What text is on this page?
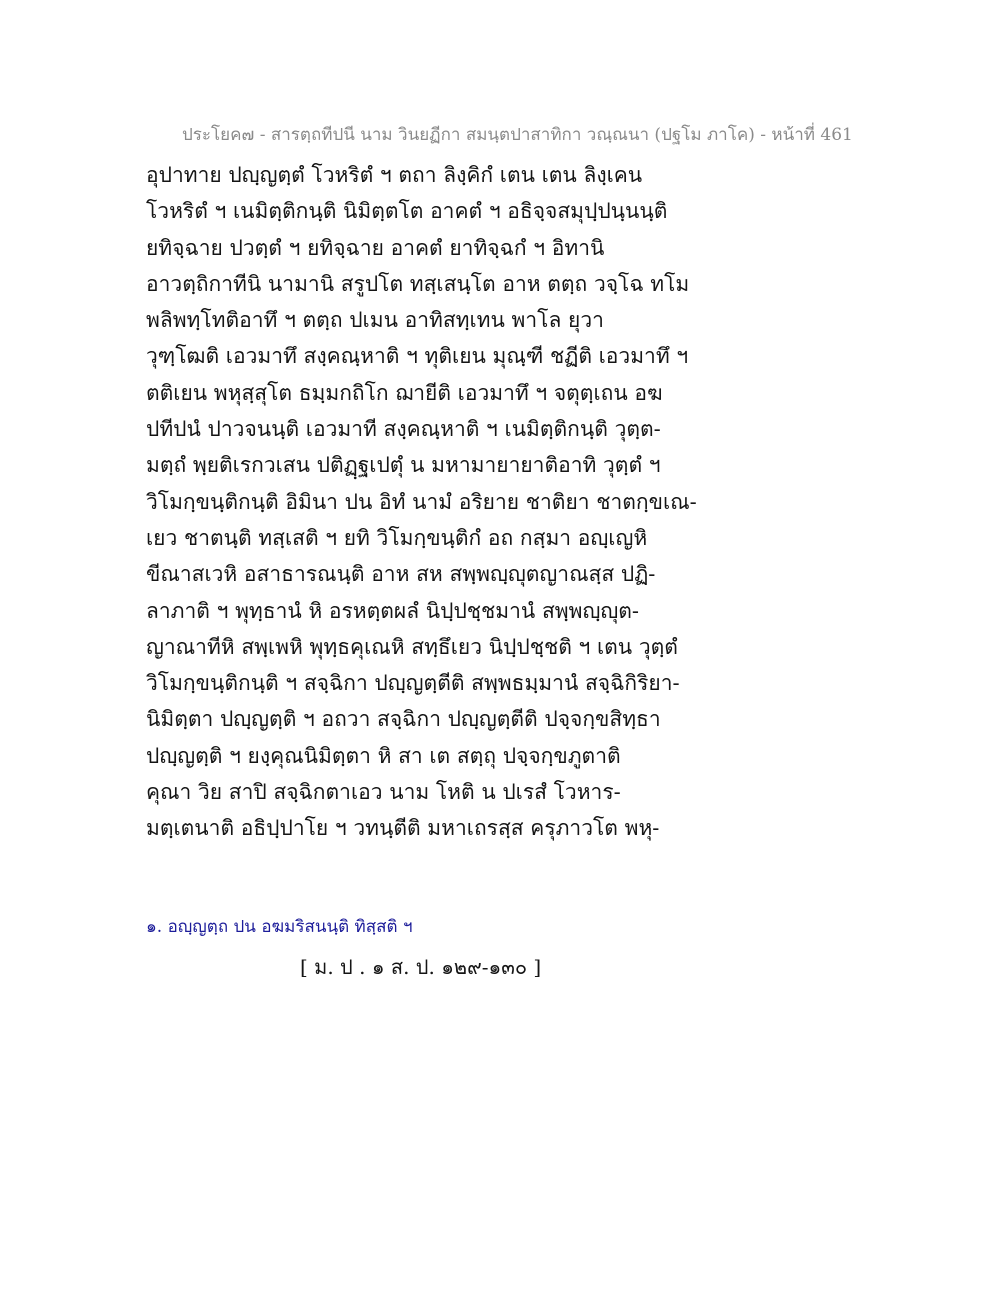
ประโยค๗ - สารตฺถทีปนี นาม วินยฏีกา สมนฺตปาสาทิกา วณฺณนา (ปฐโม ภาโค) - หน้าที่ 461
อุปาทาย ปญฺญตฺตํ โวหริตํ ฯ ตถา ลิงฺคิกํ เตน เตน ลิงฺเคน
โวหริตํ ฯ เนมิตฺติกนฺติ นิมิตฺตโต อาคตํ ฯ อธิจฺจสมุปฺปนฺนนฺติ
ยทิจฺฉาย ปวตฺตํ ฯ ยทิจฺฉาย อาคตํ ยาทิจฺฉกํ ฯ อิทานิ
อาวตฺถิกาทีนิ นามานิ สรูปโต ทสฺเสนฺโต อาห ตตฺถ วจฺโฉ ทโม
พลิพทฺโทติอาทึ ฯ ตตฺถ ปเมน อาทิสทฺเทน พาโล ยุวา
วุฑฺโฒติ เอวมาทึ สงฺคณฺหาติ ฯ ทุติเยน มุณฺฑี ชฏีติ เอวมาทึ ฯ
ตติเยน พหุสฺสุโต ธมฺมกถิโก ฌายีติ เอวมาทึ ฯ จตุตฺเถน อฆ
ปทีปนํ ปาวจนนฺติ เอวมาที สงฺคณฺหาติ ฯ เนมิตฺติกนฺติ วุตฺต-
มตฺถํ พฺยติเรกวเสน ปติฏฺฐเปตุํ น มหามายายาติอาทิ วุตฺตํ ฯ
วิโมกฺขนฺติกนฺติ อิมินา ปน อิทํ นามํ อริยาย ชาติยา ชาตกฺขเณ-
เยว ชาตนฺติ ทสฺเสติ ฯ ยทิ วิโมกฺขนฺติกํ อถ กสฺมา อญฺเญหิ
ขีณาสเวหิ อสาธารณนฺติ อาห สห สพฺพญฺญุตญาณสฺส ปฏิ-
ลาภาติ ฯ พุทฺธานํ หิ อรหตฺตผลํ นิปฺปชฺชมานํ สพฺพญฺญุต-
ญาณาทีหิ สพฺเพหิ พุทฺธคุเณหิ สทฺธึเยว นิปฺปชฺชติ ฯ เตน วุตฺตํ
วิโมกฺขนฺติกนฺติ ฯ สจฺฉิกา ปญฺญตฺตีติ สพฺพธมฺมานํ สจฺฉิกิริยา-
นิมิตฺตา ปญฺญตฺติ ฯ อถวา สจฺฉิกา ปญฺญตฺตีติ ปจฺจกฺขสิทฺธา
ปญฺญตฺติ ฯ ยงฺคุณนิมิตฺตา หิ สา เต สตฺถุ ปจฺจกฺขภูตาติ
คุณา วิย สาปิ สจฺฉิกตาเอว นาม โหติ น ปเรสํ โวหาร-
มตฺเตนาติ อธิปฺปาโย ฯ วทนฺตีติ มหาเถรสฺส ครุภาวโต พหุ-
๑. อญฺญตฺถ ปน อฆมริสนนฺติ ทิสฺสติ ฯ
[ ม. ป . ๑ ส. ป. ๑๒๙-๑๓๐ ]
